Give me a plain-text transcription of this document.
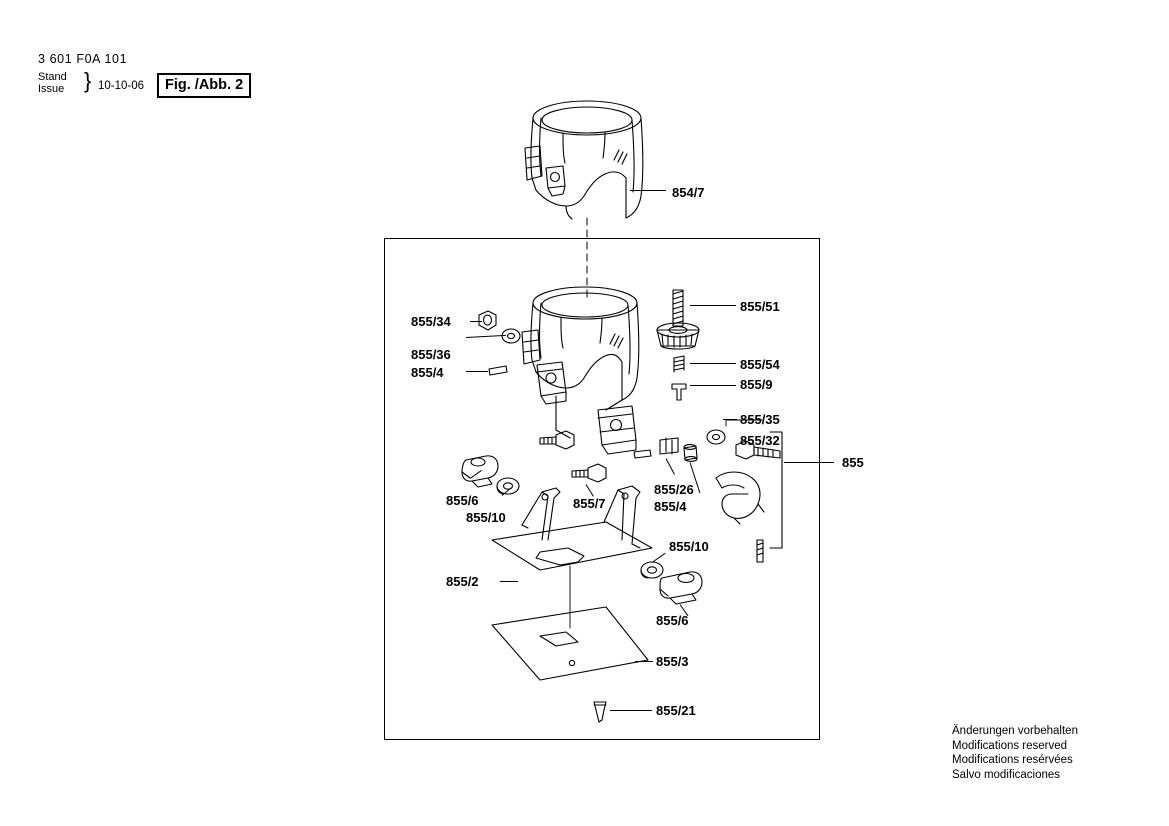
3 601 F0A 101
Stand
Issue } 10-10-06	Fig. /Abb. 2
Änderungen vorbehalten
Modifications reserved
Modifications resérvées
Salvo modificaciones
854/7
855/51
855/34
855/36
855/4
855/54
855/9
855/35
855/32
855
855/6
855/10
855/7
855/26
855/4
855/10
855/2
855/6
855/3
855/21
